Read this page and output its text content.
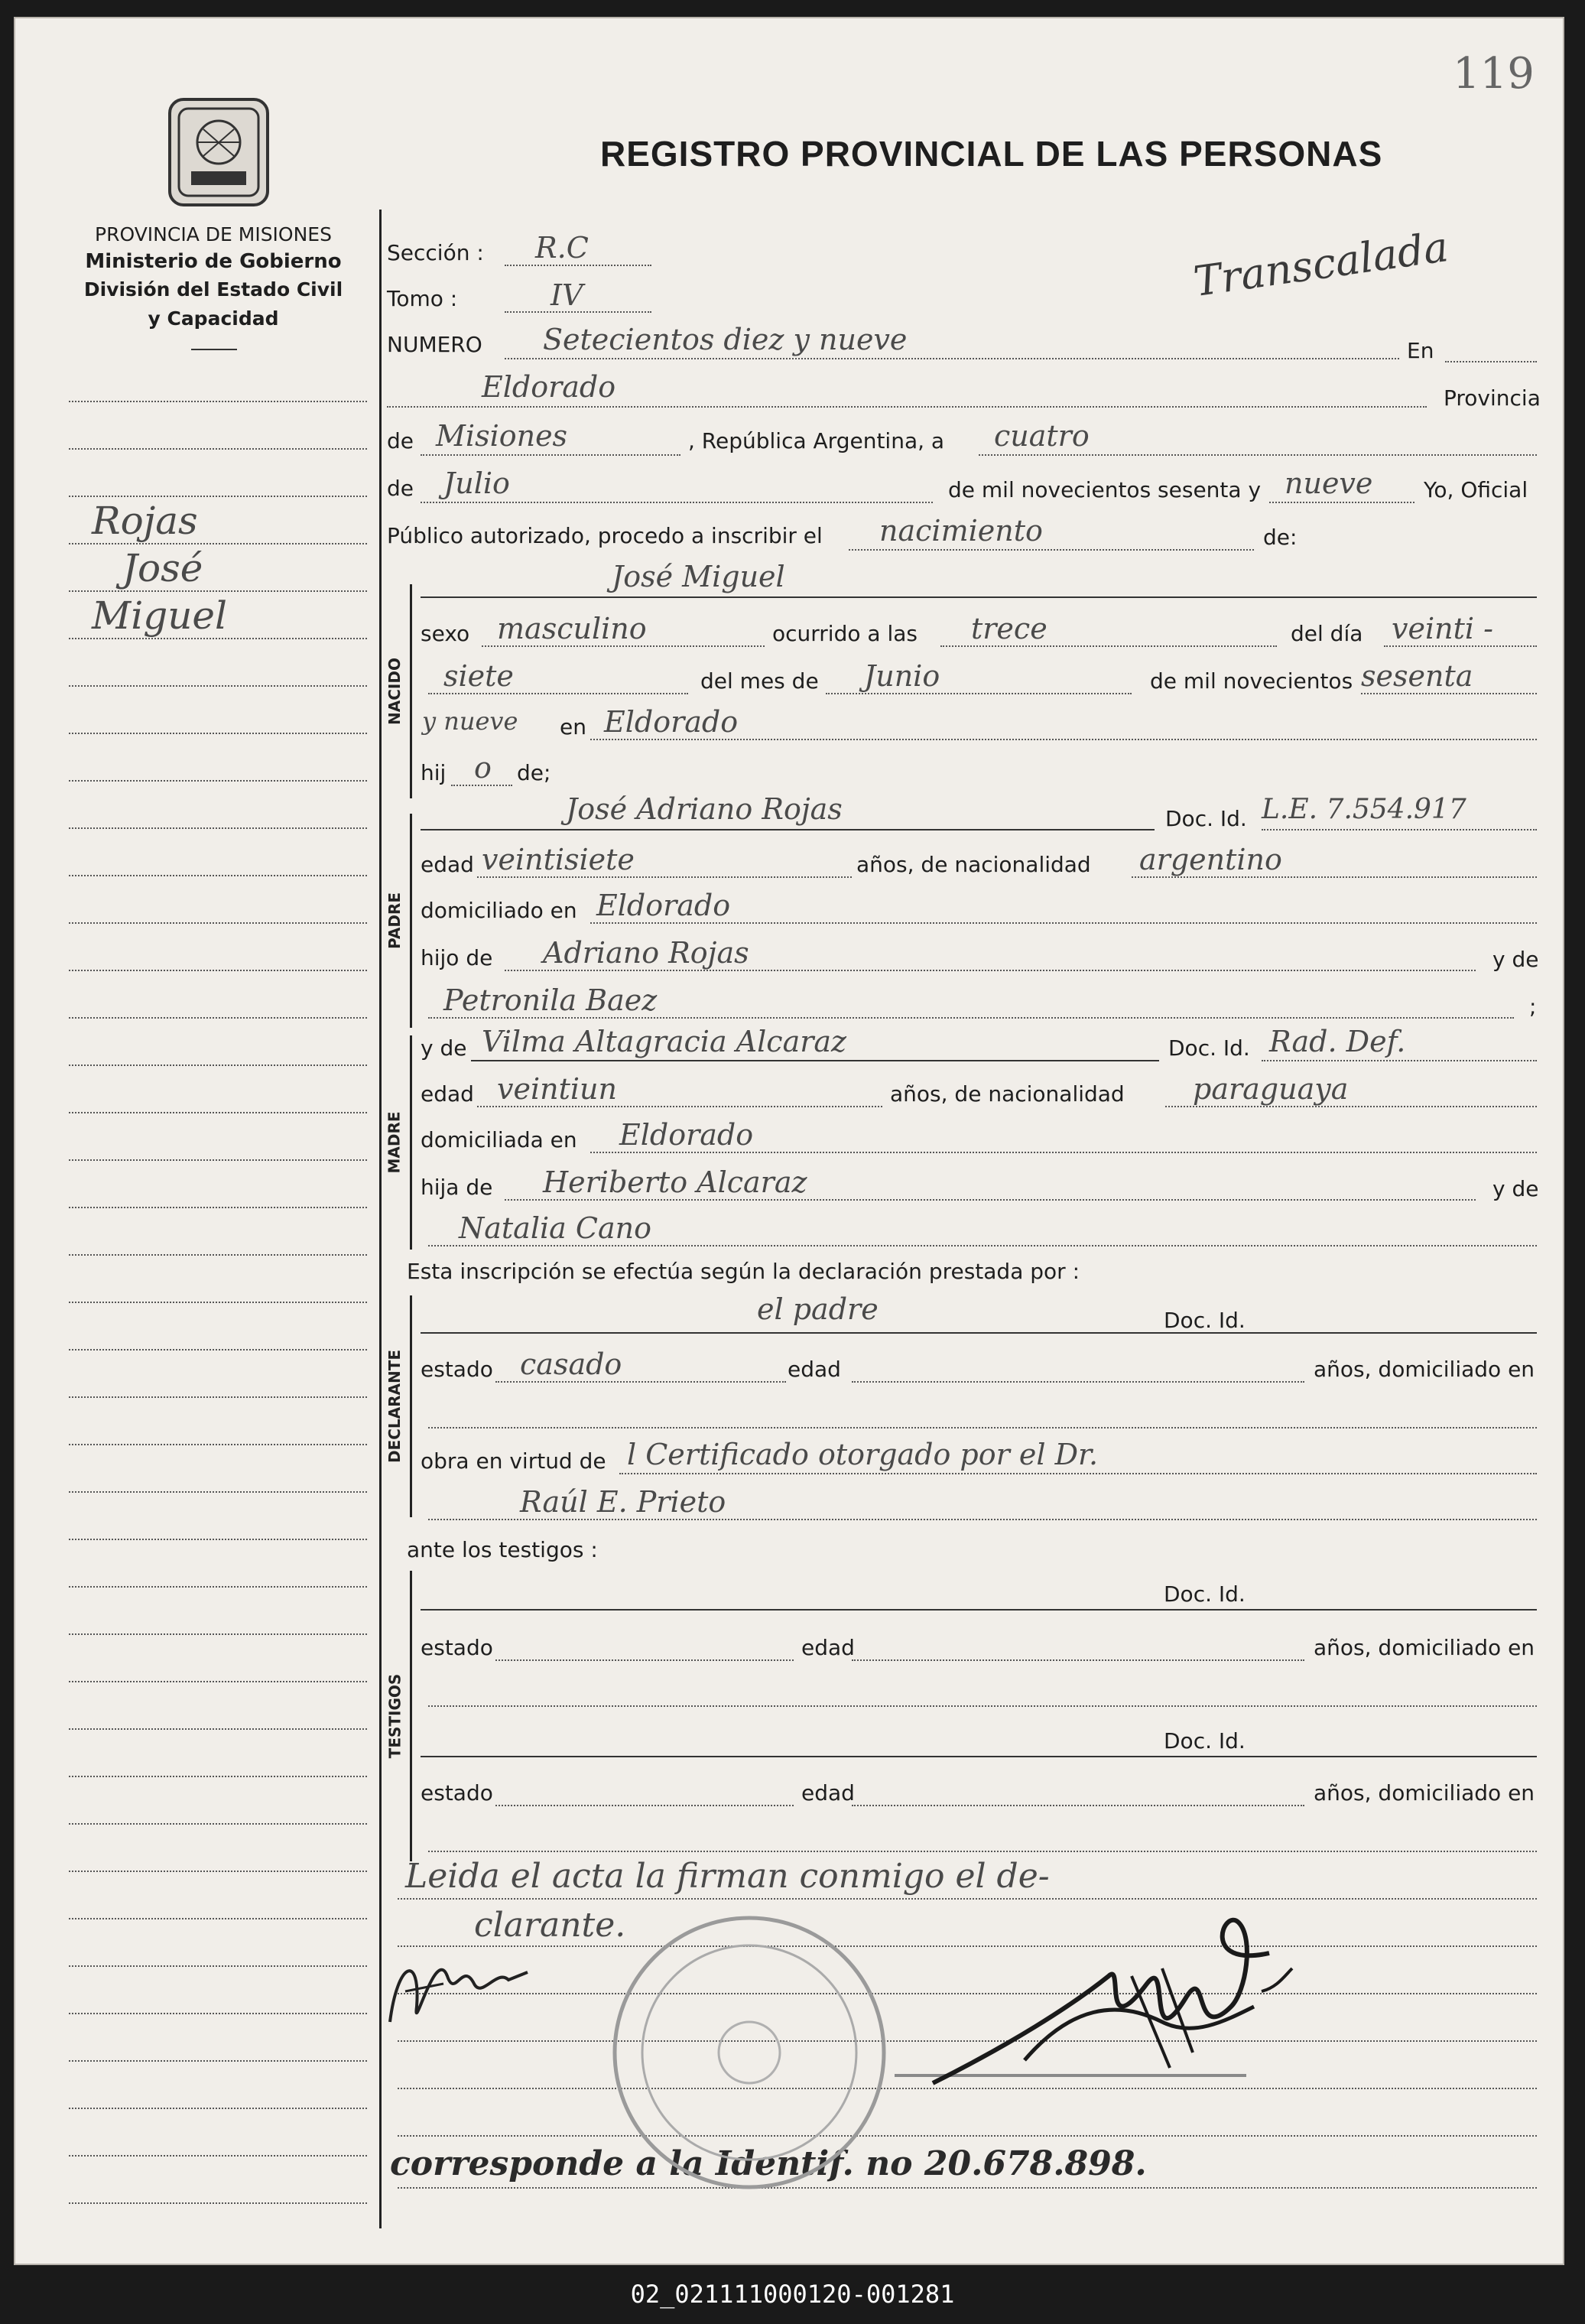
119
PROVINCIA DE MISIONES
Ministerio de Gobierno
División del Estado Civil
y Capacidad
REGISTRO PROVINCIAL DE LAS PERSONAS
Transcalada
Rojas
José
Miguel
Sección : R.C
Tomo :	IV
NUMERO Setecientos diez y nueve	En
Eldorado	Provincia
de Misiones	, República Argentina, a cuatro
de Julio	de mil novecientos sesenta y nueve Yo, Oficial
Público autorizado, procedo a inscribir el nacimiento	de:
NACIDO
José Miguel
sexo masculino	ocurrido a las trece	del día veinti -
siete	del mes de Junio	de mil novecientos sesenta
y nueve en Eldorado
hij o de;
PADRE
José Adriano Rojas	Doc. Id. L.E. 7.554.917
edad veintisiete	años, de nacionalidad argentino
domiciliado en Eldorado
hijo de Adriano Rojas	y de
Petronila Baez	;
MADRE
y de Vilma Altagracia Alcaraz	Doc. Id. Rad. Def.
edad veintiun	años, de nacionalidad paraguaya
domiciliada en Eldorado
hija de Heriberto Alcaraz	y de
Natalia Cano
Esta inscripción se efectúa según la declaración prestada por :
DECLARANTE
el padre	Doc. Id.
estado casado	edad	años, domiciliado en
obra en virtud de l Certificado otorgado por el Dr.
Raúl E. Prieto
ante los testigos :
TESTIGOS
Doc. Id.
estado	edad	años, domiciliado en
Doc. Id.
estado	edad	años, domiciliado en
Leida el acta la firman conmigo el de-
clarante.
corresponde a la Identif. no 20.678.898.
02_021111000120-001281
